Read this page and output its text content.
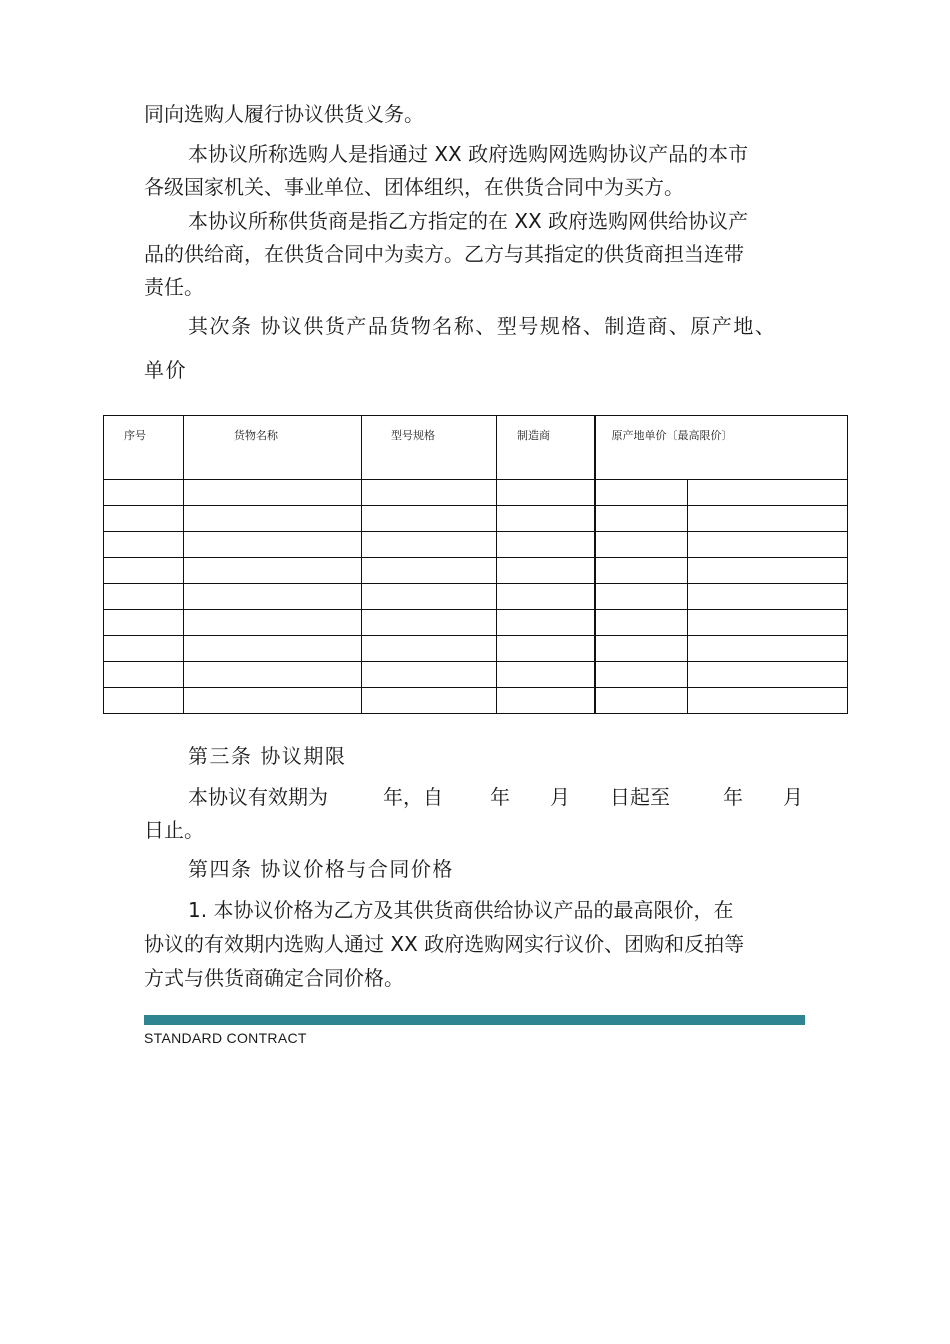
同向选购人履行协议供货义务。
本协议所称选购人是指通过 XX 政府选购网选购协议产品的本市
各级国家机关、事业单位、团体组织，在供货合同中为买方。
本协议所称供货商是指乙方指定的在 XX 政府选购网供给协议产
品的供给商，在供货合同中为卖方。乙方与其指定的供货商担当连带
责任。
其次条 协议供货产品货物名称、型号规格、制造商、原产地、
单价
序号	货物名称	型号规格	制造商	原产地单价〔最高限价〕	

第三条 协议期限
本协议有效期为	年，自 年 月 日起至	年 月
日止。
第四条 协议价格与合同价格
1. 本协议价格为乙方及其供货商供给协议产品的最高限价，在
协议的有效期内选购人通过 XX 政府选购网实行议价、团购和反拍等
方式与供货商确定合同价格。
STANDARD CONTRACT
